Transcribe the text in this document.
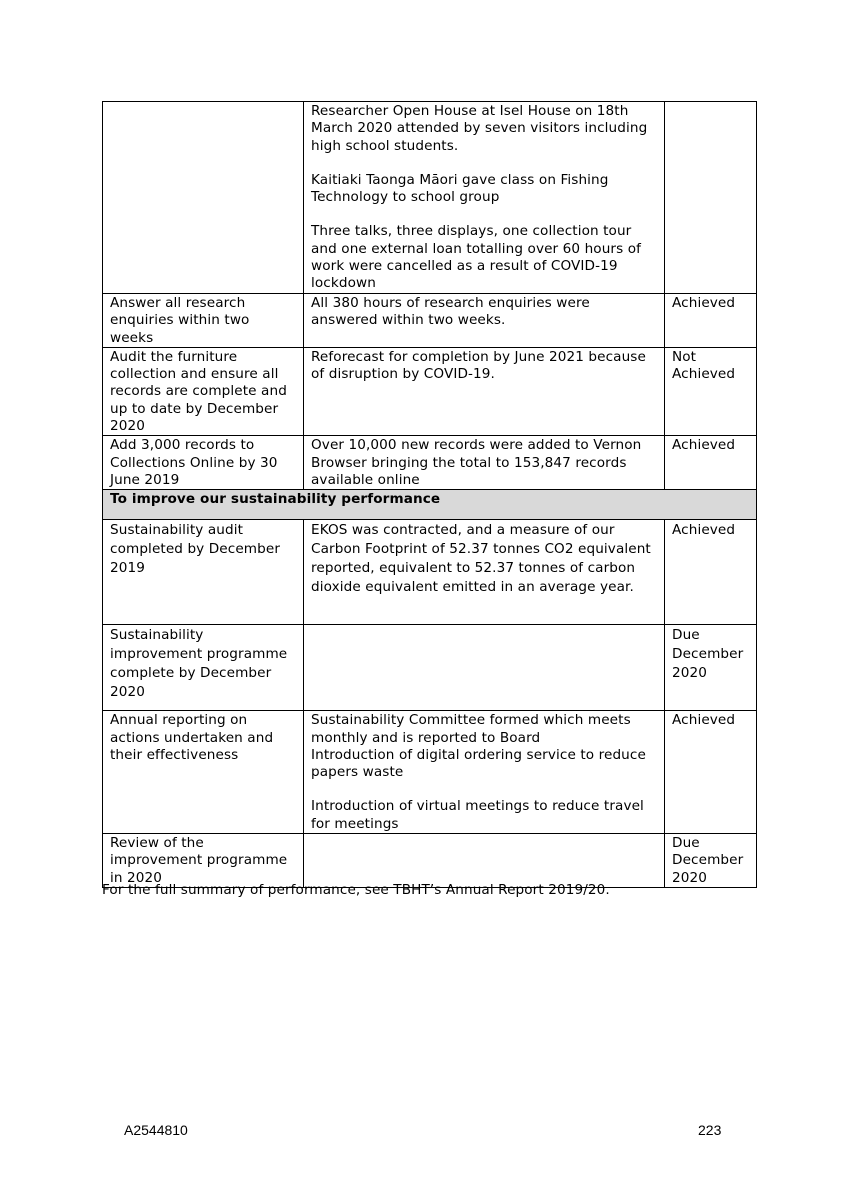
	Researcher Open House at Isel House on 18th March 2020 attended by seven visitors including high school students.

Kaitiaki Taonga Māori gave class on Fishing Technology to school group

Three talks, three displays, one collection tour and one external loan totalling over 60 hours of work were cancelled as a result of COVID-19 lockdown	

Answer all research enquiries within two weeks	All 380 hours of research enquiries were answered within two weeks.	Achieved
Audit the furniture collection and ensure all records are complete and up to date by December 2020	Reforecast for completion by June 2021 because of disruption by COVID-19.	Not Achieved
Add 3,000 records to Collections Online by 30 June 2019	Over 10,000 new records were added to Vernon Browser bringing the total to 153,847 records available online	Achieved
To improve our sustainability performance		
Sustainability audit completed by December 2019	EKOS was contracted, and a measure of our Carbon Footprint of 52.37 tonnes CO2 equivalent reported, equivalent to 52.37 tonnes of carbon dioxide equivalent emitted in an average year.	Achieved
Sustainability improvement programme complete by December 2020		Due December 2020
Annual reporting on actions undertaken and their effectiveness	Sustainability Committee formed which meets monthly and is reported to Board

Introduction of digital ordering service to reduce papers waste

Introduction of virtual meetings to reduce travel for meetings	Achieved
Review of the improvement programme in 2020		Due December 2020
For the full summary of performance, see TBHT’s Annual Report 2019/20.
A2544810	223
